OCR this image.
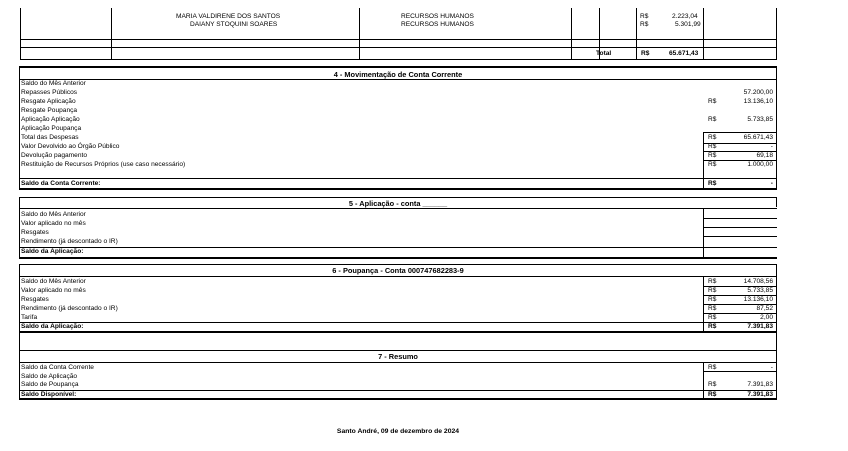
MARIA VALDIRENE DOS SANTOS	RECURSOS HUMANOS	R$	2.223,04
DAIANY STOQUINI SOARES	RECURSOS HUMANOS	R$	5.301,99
Total	R$	65.671,43
4 - Movimentação de Conta Corrente
Saldo do Mês Anterior
Repasses Públicos	57.200,00
Resgate Aplicação	R$	13.136,10
Resgate Poupança
Aplicação Aplicação	R$	5.733,85
Aplicação Poupança
Total das Despesas	R$	65.671,43
Valor Devolvido ao Órgão Público	R$	-
Devolução pagamento	R$	69,18
Restituição de Recursos Próprios (use caso necessário)	R$	1.000,00
Saldo da Conta Corrente:	R$	-
5 - Aplicação - conta ______
Saldo do Mês Anterior
Valor aplicado no mês
Resgates
Rendimento (já descontado o IR)
Saldo da Aplicação:
6 - Poupança - Conta 000747682283-9
Saldo do Mês Anterior	R$	14.708,56
Valor aplicado no mês	R$	5.733,85
Resgates	R$	13.136,10
Rendimento (já descontado o IR)	R$	87,52
Tarifa	R$	2,00
Saldo da Aplicação:	R$	7.391,83
7 - Resumo
Saldo da Conta Corrente	R$	-
Saldo de Aplicação
Saldo de Poupança	R$	7.391,83
Saldo Disponível:	R$	7.391,83
Santo André, 09 de dezembro de 2024
